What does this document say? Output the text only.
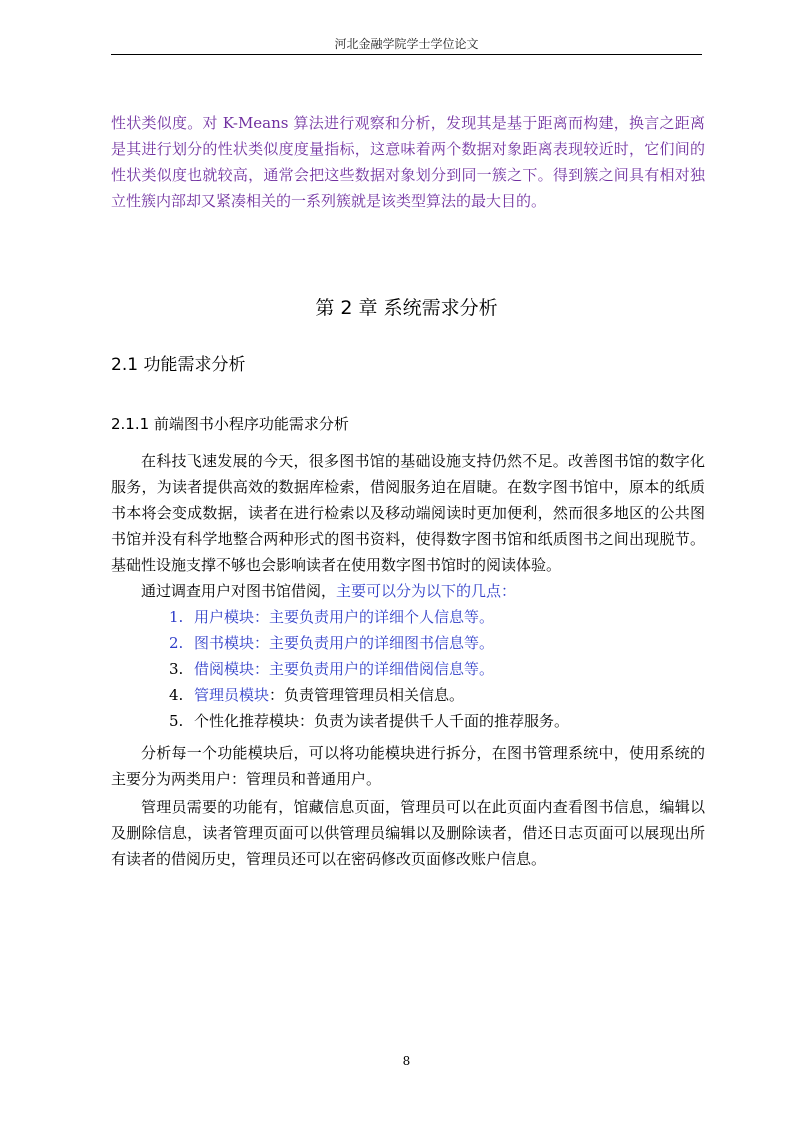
河北金融学院学士学位论文

性状类似度。对 K-Means 算法进行观察和分析，发现其是基于距离而构建，换言之距离是其进行划分的性状类似度度量指标，这意味着两个数据对象距离表现较近时，它们间的性状类似度也就较高，通常会把这些数据对象划分到同一簇之下。得到簇之间具有相对独立性簇内部却又紧凑相关的一系列簇就是该类型算法的最大目的。

第 2 章 系统需求分析
2.1 功能需求分析
2.1.1 前端图书小程序功能需求分析

在科技飞速发展的今天，很多图书馆的基础设施支持仍然不足。改善图书馆的数字化服务，为读者提供高效的数据库检索，借阅服务迫在眉睫。在数字图书馆中，原本的纸质书本将会变成数据，读者在进行检索以及移动端阅读时更加便利，然而很多地区的公共图书馆并没有科学地整合两种形式的图书资料，使得数字图书馆和纸质图书之间出现脱节。基础性设施支撑不够也会影响读者在使用数字图书馆时的阅读体验。

通过调查用户对图书馆借阅，主要可以分为以下的几点：

1. 用户模块：主要负责用户的详细个人信息等。
2. 图书模块：主要负责用户的详细图书信息等。
3. 借阅模块：主要负责用户的详细借阅信息等。
4. 管理员模块：负责管理管理员相关信息。
5. 个性化推荐模块：负责为读者提供千人千面的推荐服务。

分析每一个功能模块后，可以将功能模块进行拆分，在图书管理系统中，使用系统的主要分为两类用户：管理员和普通用户。

管理员需要的功能有，馆藏信息页面，管理员可以在此页面内查看图书信息，编辑以及删除信息，读者管理页面可以供管理员编辑以及删除读者，借还日志页面可以展现出所有读者的借阅历史，管理员还可以在密码修改页面修改账户信息。

8
